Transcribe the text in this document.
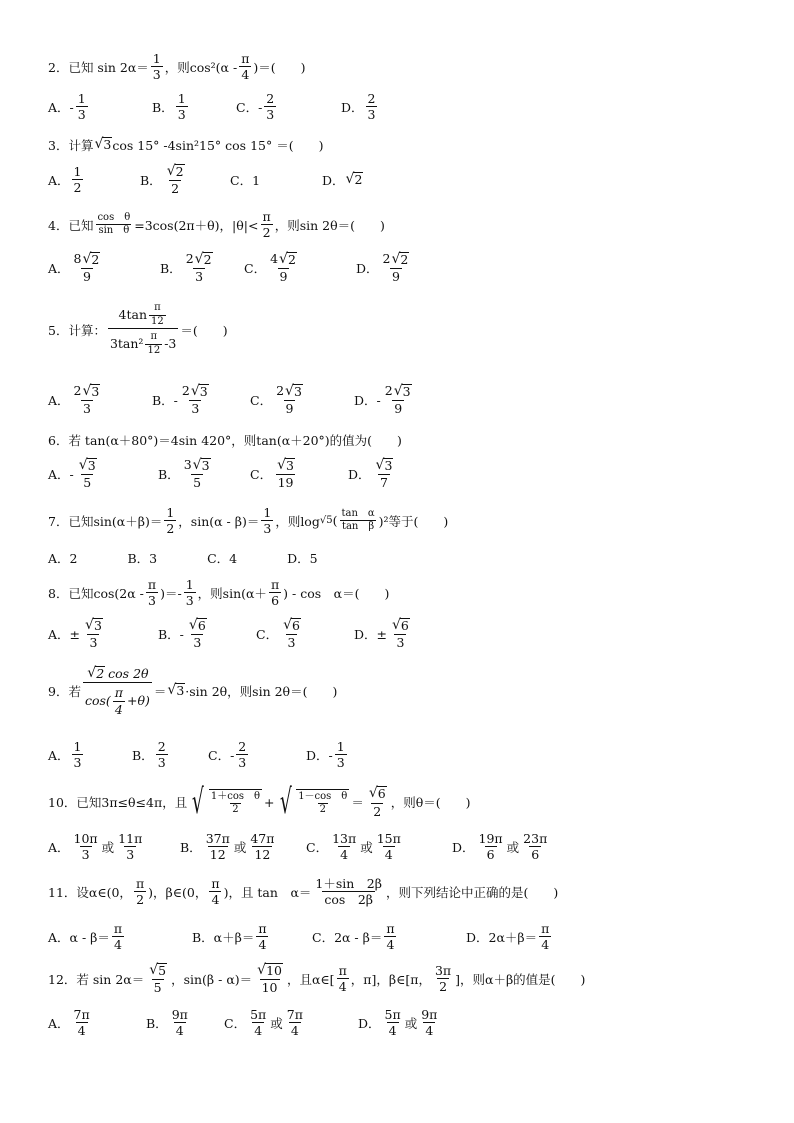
2．已知 $\sin 2\alpha= \frac{1}{3}$ ，则$\cos^2(\alpha - \frac{\pi}{4}$ )＝(　　)
A．- $\frac{1}{3}$	B． $\frac{1}{3}$	C．- $\frac{2}{3}$	D． $\frac{2}{3}$
3．计算
√ 3 cos 15° -4sin²15° cos 15° ＝(　　)
A． $\frac{1}{2}$	B．
√ $\frac{2}{2}$	C．1	D．
√ 2
4．已知 $\frac{\text{cos　θ}}{\text{sin　θ}} =3\cos(2\pi+\theta)$，$|\theta|< \frac{\pi}{2}$ ，则sin 2θ＝(　　)
A． 8
√ 2
9	B． 2
√ 2
3 C． 4
√ 2
9	D． 2
√ 2
9
5．计算： $\frac{4\tan \frac{\pi}{12}}{3\tan^2 \frac{\pi}{12} -3}$ ＝(　　)
A． 2
√ 3
3	B．- 2
√ 3
3	C． 2
√ 3
9	D．- 2
√ 3
9
6．若 tan(α＋80°)＝4sin 420°，则tan(α＋20°)的值为(　　)
A．-
√ $\frac{3}{5}$	B． 3
√ 3
5	C．
√ $\frac{3}{19}$	D．
√ $\frac{3}{7}$
7．已知$\sin(\alpha+\beta)= \frac{1}{2}$ ，$\sin(\alpha - \beta)= \frac{1}{3}$ ，则log √5 ( $\frac{\text{tan　α}}{\text{tan　β}} )^2$等于(　　)
A．2　　　　B．3　　　　C．4　　　　D．5
8．已知$\cos(2\alpha - \frac{\pi}{3}$ )＝- $\frac{1}{3}$ ，则$\sin(\alpha+ \frac{\pi}{6}$ ) - cos　α＝(　　)
A．±
√ $\frac{3}{3}$	B．-
√ $\frac{6}{3}$	C．
√ $\frac{6}{3}$	D．±
√ $\frac{6}{3}$
9．若
√ $\frac{2 \cos 2\theta}{\cos( \frac{\pi}{4} +\theta)}$ ＝
√ 3 ·sin 2θ，则sin 2θ＝(　　)
A． $\frac{1}{3}$	B． $\frac{2}{3}$	C．- $\frac{2}{3}$	D．- $\frac{1}{3}$
10．已知3π≤θ≤4π，且 √ $\frac{\text{1＋cos　θ}}{2}$ + √ $\frac{\text{1－cos　θ}}{2}$ ＝
√ $\frac{6}{2}$ ，则θ＝(　　)
A． $\frac{10\pi}{3}$ 或 $\frac{11\pi}{3}$	B． $\frac{37\pi}{12}$ 或 $\frac{47\pi}{12}$ C． $\frac{13\pi}{4}$ 或 $\frac{15\pi}{4}$	D． $\frac{19\pi}{6}$ 或 $\frac{23\pi}{6}$
11．设α∈(0， $\frac{\pi}{2}$ )，β∈(0， $\frac{\pi}{4}$ )，且 tan　$\alpha= \frac{1+\sin 2\beta}{\cos 2\beta}$ ，则下列结论中正确的是(　　)
A．$\alpha - \beta= \frac{\pi}{4}$	B．$\alpha+\beta= \frac{\pi}{4}$	C．$2\alpha - \beta= \frac{\pi}{4}$	D．$2\alpha+\beta= \frac{\pi}{4}$
12．若 sin 2α＝
√ $\frac{5}{5}$ ，sin(β - α)＝
√ $\frac{10}{10}$ ，且α∈[ $\frac{\pi}{4}$ ，π]，β∈[π， $\frac{3\pi}{2}$ ]，则α＋β的值是(　　)
A． $\frac{7\pi}{4}$	B． $\frac{9\pi}{4}$	C． $\frac{5\pi}{4}$ 或 $\frac{7\pi}{4}$	D． $\frac{5\pi}{4}$ 或 $\frac{9\pi}{4}$
